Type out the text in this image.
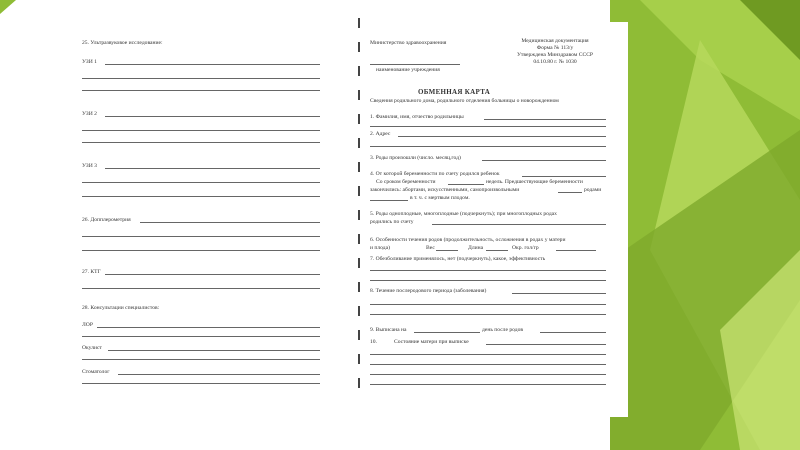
25. Ультразвуковое исследование:
УЗИ 1
УЗИ 2
УЗИ 3
26. Допплерометрия
27. КТГ
28. Консультации специалистов:
ЛОР
Окулист
Стоматолог
Министерство здравоохранения
наименование учреждения
Медицинская документация
Форма № 113/у
Утверждена Минздравом СССР
04.10.80 г. № 1030
ОБМЕННАЯ КАРТА
Сведения родильного дома, родильного отделения больницы о новорожденном
1. Фамилия, имя, отчество родильницы
2. Адрес
3. Роды произошли (число. месяц,год)
4. От которой беременности по счету родился ребенок
Со сроком беременности	недель. Предшествующие беременности
закончились: абортами, искусственными, самопроизвольными	родами
в т. ч. с мертвым плодом.
5. Роды одноплодные, многоплодные (подчеркнуть); при многоплодных родах
родились по счету
6. Особенности течения родов (продолжительность, осложнения в родах у матери
и плода)	Вес	Длина	Окр. гол/гр
7. Обезболивание применялось, нет (подчеркнуть), какое, эффективность
8. Течение послеродового периода (заболевания)
9. Выписана на	день после родов
10.	Состояние матери при выписке
